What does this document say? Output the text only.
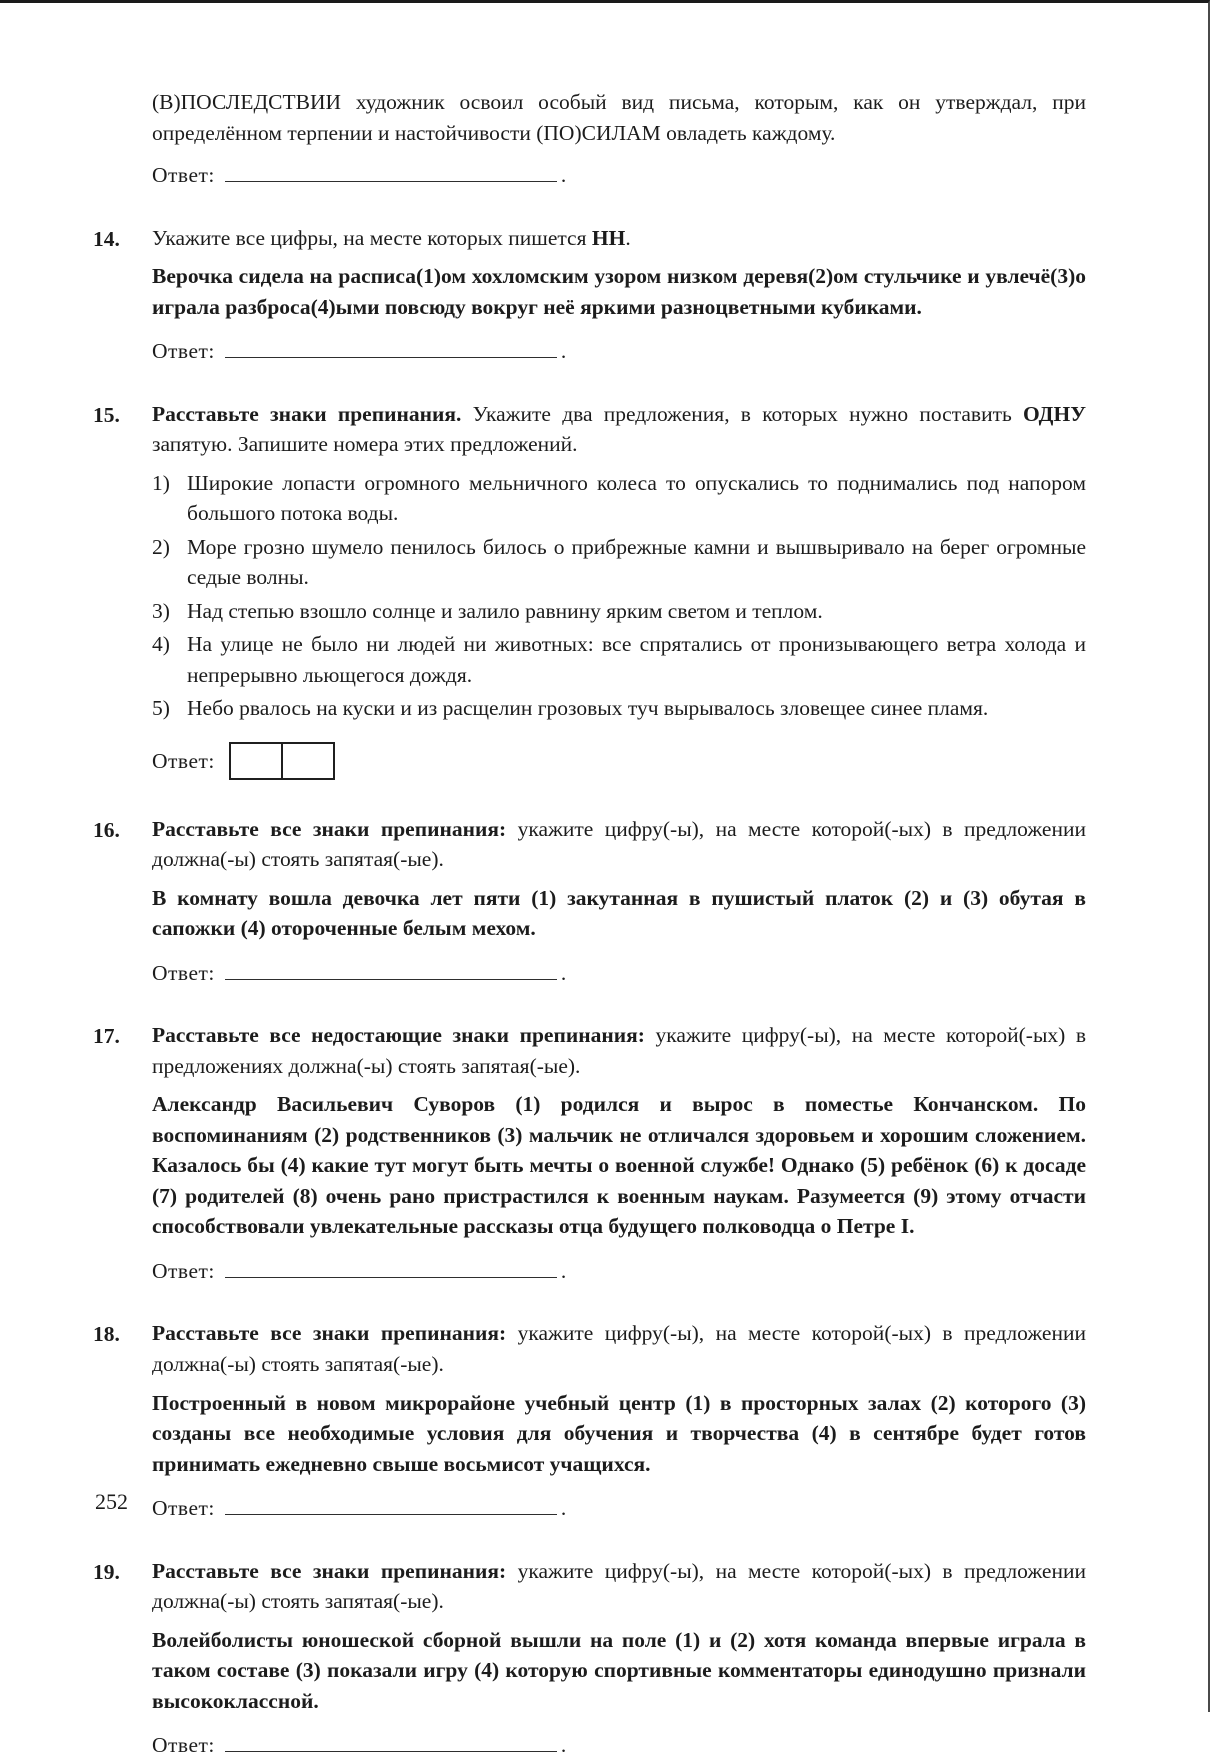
(В)ПОСЛЕДСТВИИ художник освоил особый вид письма, которым, как он утверждал, при определённом терпении и настойчивости (ПО)СИЛАМ овладеть каждому.

Ответ:	.
14.	Укажите все цифры, на месте которых пишется НН.

Верочка сидела на расписа(1)ом хохломским узором низком деревя(2)ом стульчике и увлечё(3)о играла разброса(4)ыми повсюду вокруг неё яркими разноцветными кубиками.

Ответ:	.
15.	Расставьте знаки препинания. Укажите два предложения, в которых нужно поставить ОДНУ запятую. Запишите номера этих предложений.

1) Широкие лопасти огромного мельничного колеса то опускались то поднимались под напором большого потока воды.
2) Море грозно шумело пенилось билось о прибрежные камни и вышвыривало на берег огромные седые волны.
3) Над степью взошло солнце и залило равнину ярким светом и теплом.
4) На улице не было ни людей ни животных: все спрятались от пронизывающего ветра холода и непрерывно льющегося дождя.
5) Небо рвалось на куски и из расщелин грозовых туч вырывалось зловещее синее пламя.
Ответ:
16.	Расставьте все знаки препинания: укажите цифру(-ы), на месте которой(-ых) в предложении должна(-ы) стоять запятая(-ые).

В комнату вошла девочка лет пяти (1) закутанная в пушистый платок (2) и (3) обутая в сапожки (4) отороченные белым мехом.

Ответ:	.
17.	Расставьте все недостающие знаки препинания: укажите цифру(-ы), на месте которой(-ых) в предложениях должна(-ы) стоять запятая(-ые).

Александр Васильевич Суворов (1) родился и вырос в поместье Кончанском. По воспоминаниям (2) родственников (3) мальчик не отличался здоровьем и хорошим сложением. Казалось бы (4) какие тут могут быть мечты о военной службе! Однако (5) ребёнок (6) к досаде (7) родителей (8) очень рано пристрастился к военным наукам. Разумеется (9) этому отчасти способствовали увлекательные рассказы отца будущего полководца о Петре I.

Ответ:	.
18.	Расставьте все знаки препинания: укажите цифру(-ы), на месте которой(-ых) в предложении должна(-ы) стоять запятая(-ые).

Построенный в новом микрорайоне учебный центр (1) в просторных залах (2) которого (3) созданы все необходимые условия для обучения и творчества (4) в сентябре будет готов принимать ежедневно свыше восьмисот учащихся.

Ответ:	.
19.	Расставьте все знаки препинания: укажите цифру(-ы), на месте которой(-ых) в предложении должна(-ы) стоять запятая(-ые).

Волейболисты юношеской сборной вышли на поле (1) и (2) хотя команда впервые играла в таком составе (3) показали игру (4) которую спортивные комментаторы единодушно признали высококлассной.

Ответ:	.
252
